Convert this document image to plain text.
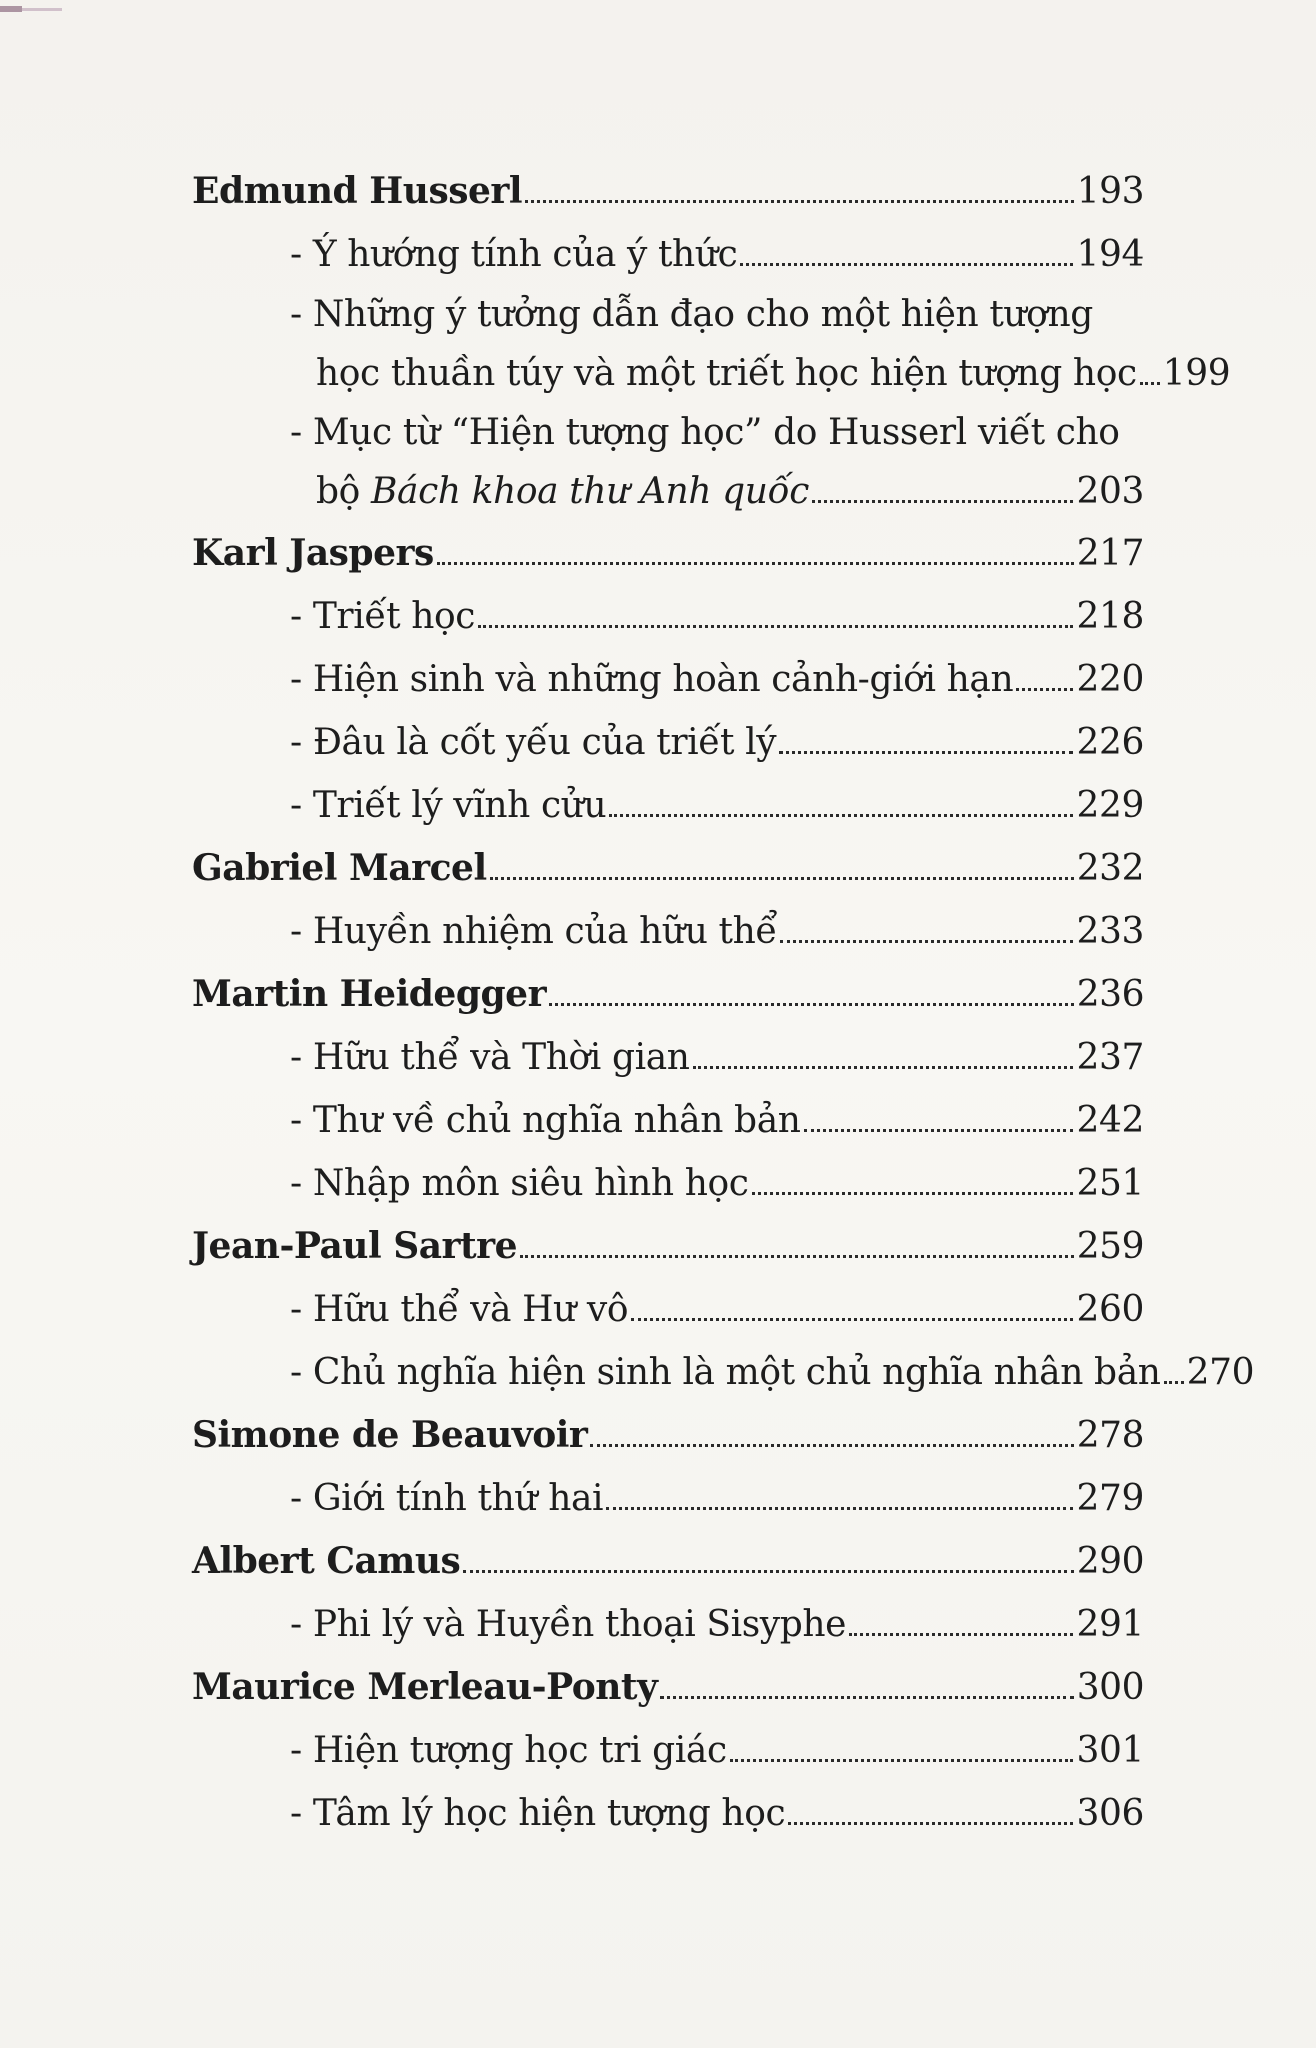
Edmund Husserl	193
- Ý hướng tính của ý thức	194
- Những ý tưởng dẫn đạo cho một hiện tượng
học thuần túy và một triết học hiện tượng học 199
- Mục từ “Hiện tượng học” do Husserl viết cho
bộ Bách khoa thư Anh quốc	203
Karl Jaspers	217
- Triết học	218
- Hiện sinh và những hoàn cảnh-giới hạn 220
- Đâu là cốt yếu của triết lý	226
- Triết lý vĩnh cửu	229
Gabriel Marcel	232
- Huyền nhiệm của hữu thể	233
Martin Heidegger	236
- Hữu thể và Thời gian	237
- Thư về chủ nghĩa nhân bản	242
- Nhập môn siêu hình học	251
Jean-Paul Sartre	259
- Hữu thể và Hư vô	260
- Chủ nghĩa hiện sinh là một chủ nghĩa nhân bản 270
Simone de Beauvoir	278
- Giới tính thứ hai	279
Albert Camus	290
- Phi lý và Huyền thoại Sisyphe	291
Maurice Merleau-Ponty	300
- Hiện tượng học tri giác	301
- Tâm lý học hiện tượng học	306
